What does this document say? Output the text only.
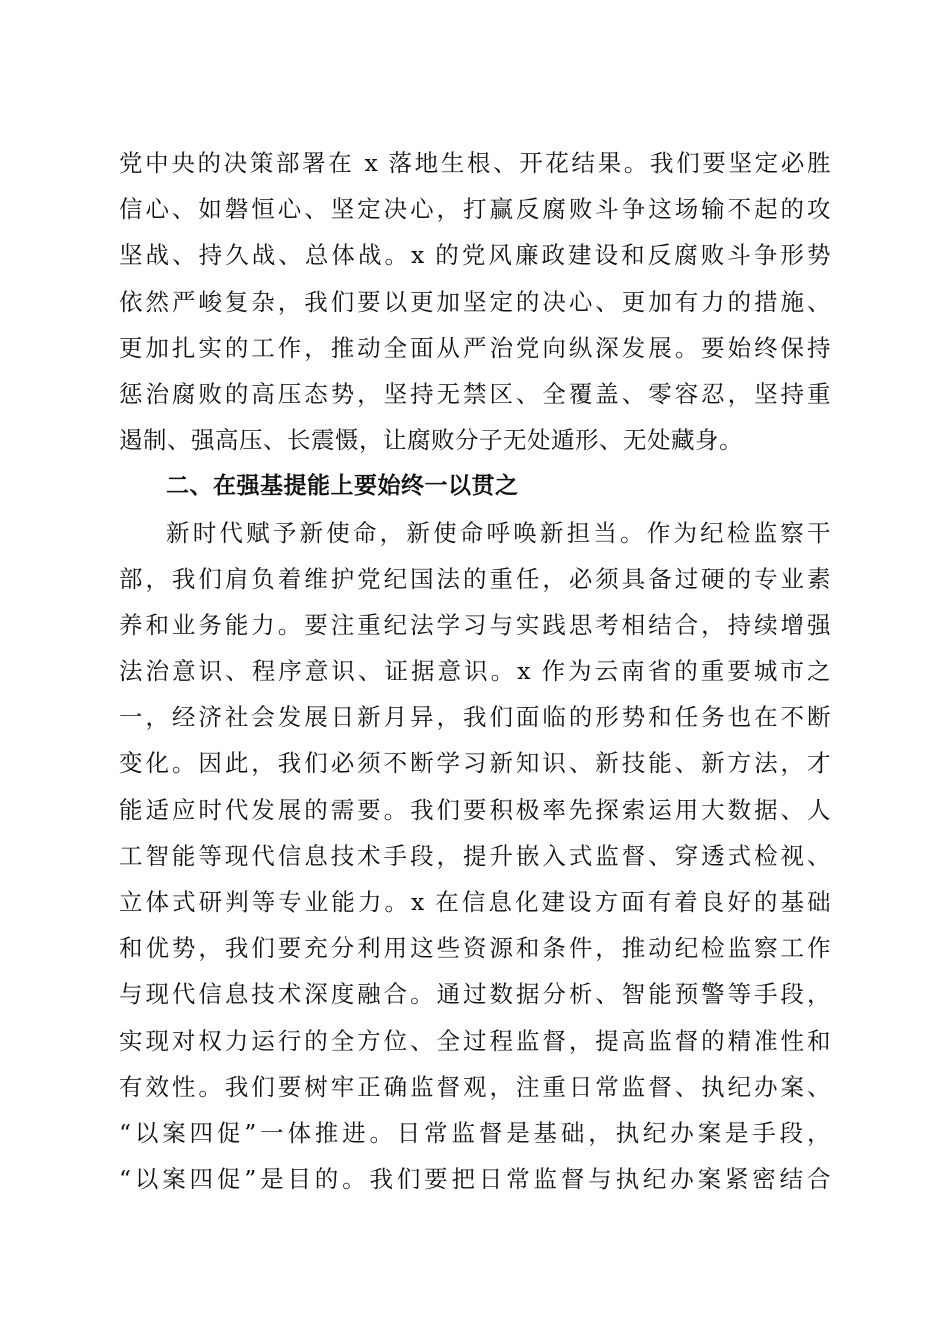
党中央的决策部署在 x 落地生根、开花结果。我们要坚定必胜
信心、如磐恒心、坚定决心，打赢反腐败斗争这场输不起的攻
坚战、持久战、总体战。x 的党风廉政建设和反腐败斗争形势
依然严峻复杂，我们要以更加坚定的决心、更加有力的措施、
更加扎实的工作，推动全面从严治党向纵深发展。要始终保持
惩治腐败的高压态势，坚持无禁区、全覆盖、零容忍，坚持重
遏制、强高压、长震慑，让腐败分子无处遁形、无处藏身。
二、在强基提能上要始终一以贯之
新时代赋予新使命，新使命呼唤新担当。作为纪检监察干
部，我们肩负着维护党纪国法的重任，必须具备过硬的专业素
养和业务能力。要注重纪法学习与实践思考相结合，持续增强
法治意识、程序意识、证据意识。x 作为云南省的重要城市之
一，经济社会发展日新月异，我们面临的形势和任务也在不断
变化。因此，我们必须不断学习新知识、新技能、新方法，才
能适应时代发展的需要。我们要积极率先探索运用大数据、人
工智能等现代信息技术手段，提升嵌入式监督、穿透式检视、
立体式研判等专业能力。x 在信息化建设方面有着良好的基础
和优势，我们要充分利用这些资源和条件，推动纪检监察工作
与现代信息技术深度融合。通过数据分析、智能预警等手段，
实现对权力运行的全方位、全过程监督，提高监督的精准性和
有效性。我们要树牢正确监督观，注重日常监督、执纪办案、
“以案四促”一体推进。日常监督是基础，执纪办案是手段，
“以案四促”是目的。我们要把日常监督与执纪办案紧密结合
